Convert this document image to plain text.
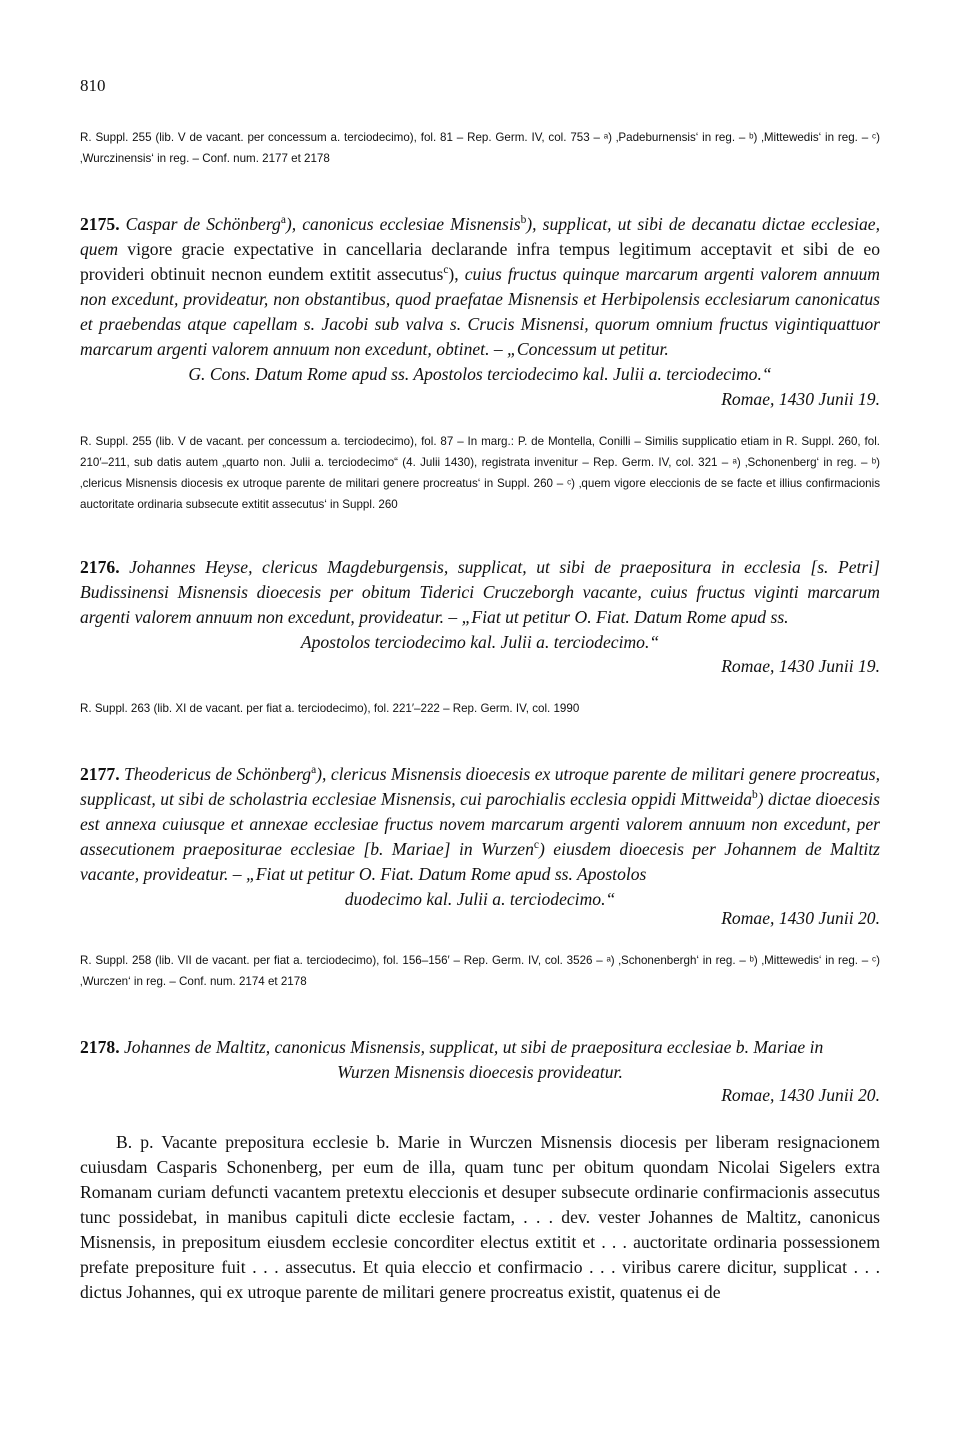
810
R. Suppl. 255 (lib. V de vacant. per concessum a. terciodecimo), fol. 81 – Rep. Germ. IV, col. 753 – ᵃ) ‚Padeburnensis‘ in reg. – ᵇ) ‚Mittewedis‘ in reg. – ᶜ) ‚Wurczinensis‘ in reg. – Conf. num. 2177 et 2178
2175. Caspar de Schönberg$^a$), canonicus ecclesiae Misnensis$^b$), supplicat, ut sibi de decanatu dictae ecclesiae, quem vigore gracie expectative in cancellaria declarande infra tempus legitimum acceptavit et sibi de eo provideri obtinuit necnon eundem extitit assecutus$^c$), cuius fructus quinque marcarum argenti valorem annuum non excedunt, provideatur, non obstantibus, quod praefatae Misnensis et Herbipolensis ecclesiarum canonicatus et praebendas atque capellam s. Jacobi sub valva s. Crucis Misnensi, quorum omnium fructus vigintiquattuor marcarum argenti valorem annuum non excedunt, obtinet. – „Concessum ut petitur.
G. Cons. Datum Rome apud ss. Apostolos terciodecimo kal. Julii a. terciodecimo.“
Romae, 1430 Junii 19.
R. Suppl. 255 (lib. V de vacant. per concessum a. terciodecimo), fol. 87 – In marg.: P. de Montella, Conilli – Similis supplicatio etiam in R. Suppl. 260, fol. 210′–211, sub datis autem „quarto non. Julii a. terciodecimo“ (4. Julii 1430), registrata invenitur – Rep. Germ. IV, col. 321 – ᵃ) ‚Schonenberg‘ in reg. – ᵇ) ‚clericus Misnensis diocesis ex utroque parente de militari genere procreatus‘ in Suppl. 260 – ᶜ) ‚quem vigore eleccionis de se facte et illius confirmacionis auctoritate ordinaria subsecute extitit assecutus‘ in Suppl. 260
2176. Johannes Heyse, clericus Magdeburgensis, supplicat, ut sibi de praepositura in ecclesia [s. Petri] Budissinensi Misnensis dioecesis per obitum Tiderici Cruczeborgh vacante, cuius fructus viginti marcarum argenti valorem annuum non excedunt, provideatur. – „Fiat ut petitur O. Fiat. Datum Rome apud ss.
Apostolos terciodecimo kal. Julii a. terciodecimo.“
Romae, 1430 Junii 19.
R. Suppl. 263 (lib. XI de vacant. per fiat a. terciodecimo), fol. 221′–222 – Rep. Germ. IV, col. 1990
2177. Theodericus de Schönberg$^a$), clericus Misnensis dioecesis ex utroque parente de militari genere procreatus, supplicast, ut sibi de scholastria ecclesiae Misnensis, cui parochialis ecclesia oppidi Mittweida$^b$) dictae dioecesis est annexa cuiusque et annexae ecclesiae fructus novem marcarum argenti valorem annuum non excedunt, per assecutionem praepositurae ecclesiae [b. Mariae] in Wurzen$^c$) eiusdem dioecesis per Johannem de Maltitz vacante, provideatur. – „Fiat ut petitur O. Fiat. Datum Rome apud ss. Apostolos
duodecimo kal. Julii a. terciodecimo.“
Romae, 1430 Junii 20.
R. Suppl. 258 (lib. VII de vacant. per fiat a. terciodecimo), fol. 156–156′ – Rep. Germ. IV, col. 3526 – ᵃ) ‚Schonenbergh‘ in reg. – ᵇ) ‚Mittewedis‘ in reg. – ᶜ) ‚Wurczen‘ in reg. – Conf. num. 2174 et 2178
2178. Johannes de Maltitz, canonicus Misnensis, supplicat, ut sibi de praepositura ecclesiae b. Mariae in
Wurzen Misnensis dioecesis provideatur.
Romae, 1430 Junii 20.
B. p. Vacante prepositura ecclesie b. Marie in Wurczen Misnensis diocesis per liberam resignacionem cuiusdam Casparis Schonenberg, per eum de illa, quam tunc per obitum quondam Nicolai Sigelers extra Romanam curiam defuncti vacantem pretextu eleccionis et desuper subsecute ordinarie confirmacionis assecutus tunc possidebat, in manibus capituli dicte ecclesie factam, . . . dev. vester Johannes de Maltitz, canonicus Misnensis, in prepositum eiusdem ecclesie concorditer electus extitit et . . . auctoritate ordinaria possessionem prefate prepositure fuit . . . assecutus. Et quia eleccio et confirmacio . . . viribus carere dicitur, supplicat . . . dictus Johannes, qui ex utroque parente de militari genere procreatus existit, quatenus ei de
